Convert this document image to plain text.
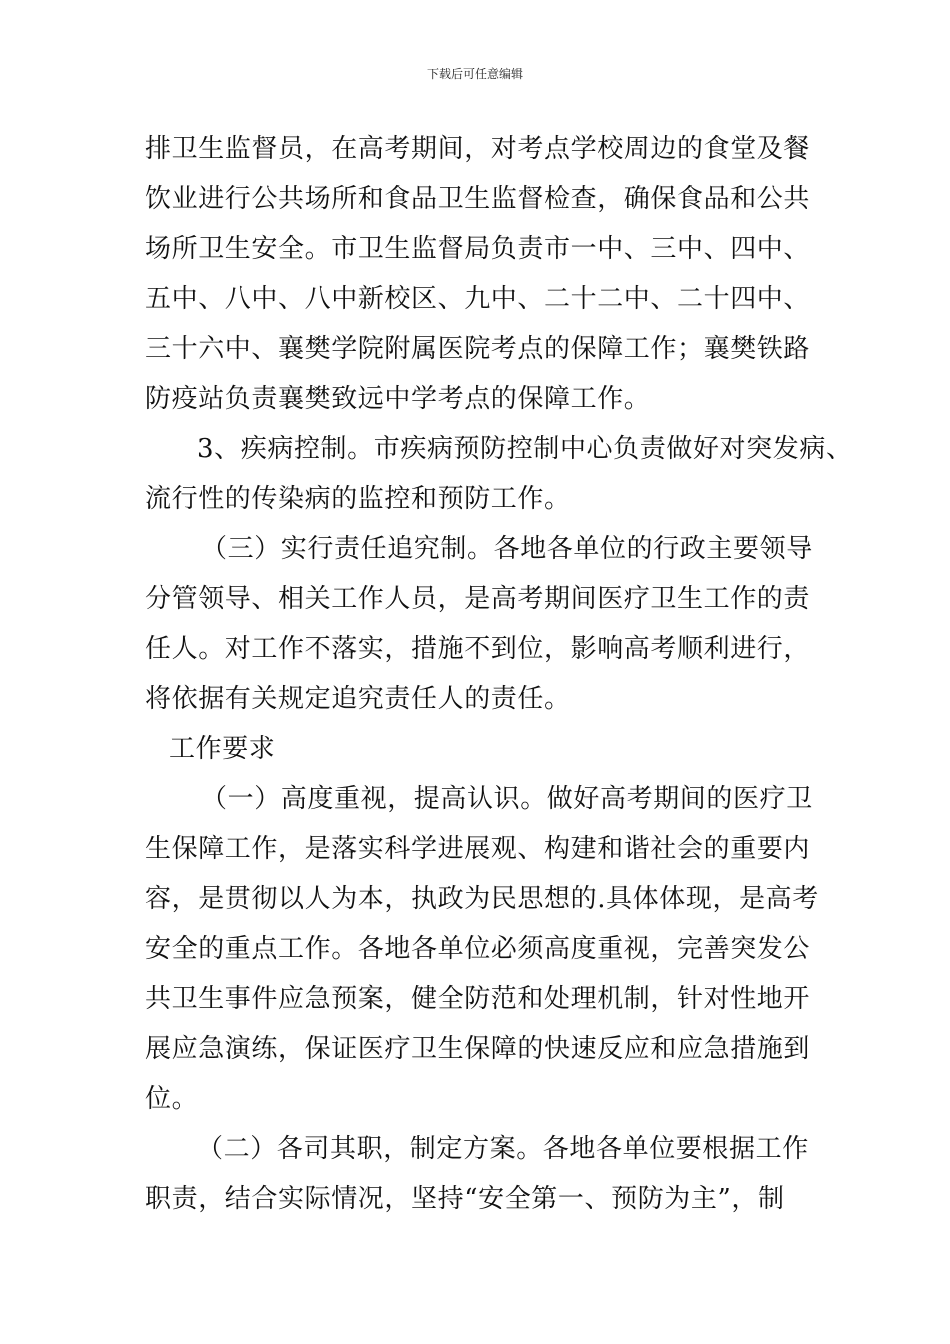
下载后可任意编辑
排卫生监督员，在高考期间，对考点学校周边的食堂及餐
饮业进行公共场所和食品卫生监督检查，确保食品和公共
场所卫生安全。市卫生监督局负责市一中、三中、四中、
五中、八中、八中新校区、九中、二十二中、二十四中、
三十六中、襄樊学院附属医院考点的保障工作；襄樊铁路
防疫站负责襄樊致远中学考点的保障工作。
3、疾病控制。市疾病预防控制中心负责做好对突发病、
流行性的传染病的监控和预防工作。
（三）实行责任追究制。各地各单位的行政主要领导
分管领导、相关工作人员，是高考期间医疗卫生工作的责
任人。对工作不落实，措施不到位，影响高考顺利进行，
将依据有关规定追究责任人的责任。
工作要求
（一）高度重视，提高认识。做好高考期间的医疗卫
生保障工作，是落实科学进展观、构建和谐社会的重要内
容，是贯彻以人为本，执政为民思想的.具体体现，是高考
安全的重点工作。各地各单位必须高度重视，完善突发公
共卫生事件应急预案，健全防范和处理机制，针对性地开
展应急演练，保证医疗卫生保障的快速反应和应急措施到
位。
（二）各司其职，制定方案。各地各单位要根据工作
职责，结合实际情况，坚持“安全第一、预防为主”，制
